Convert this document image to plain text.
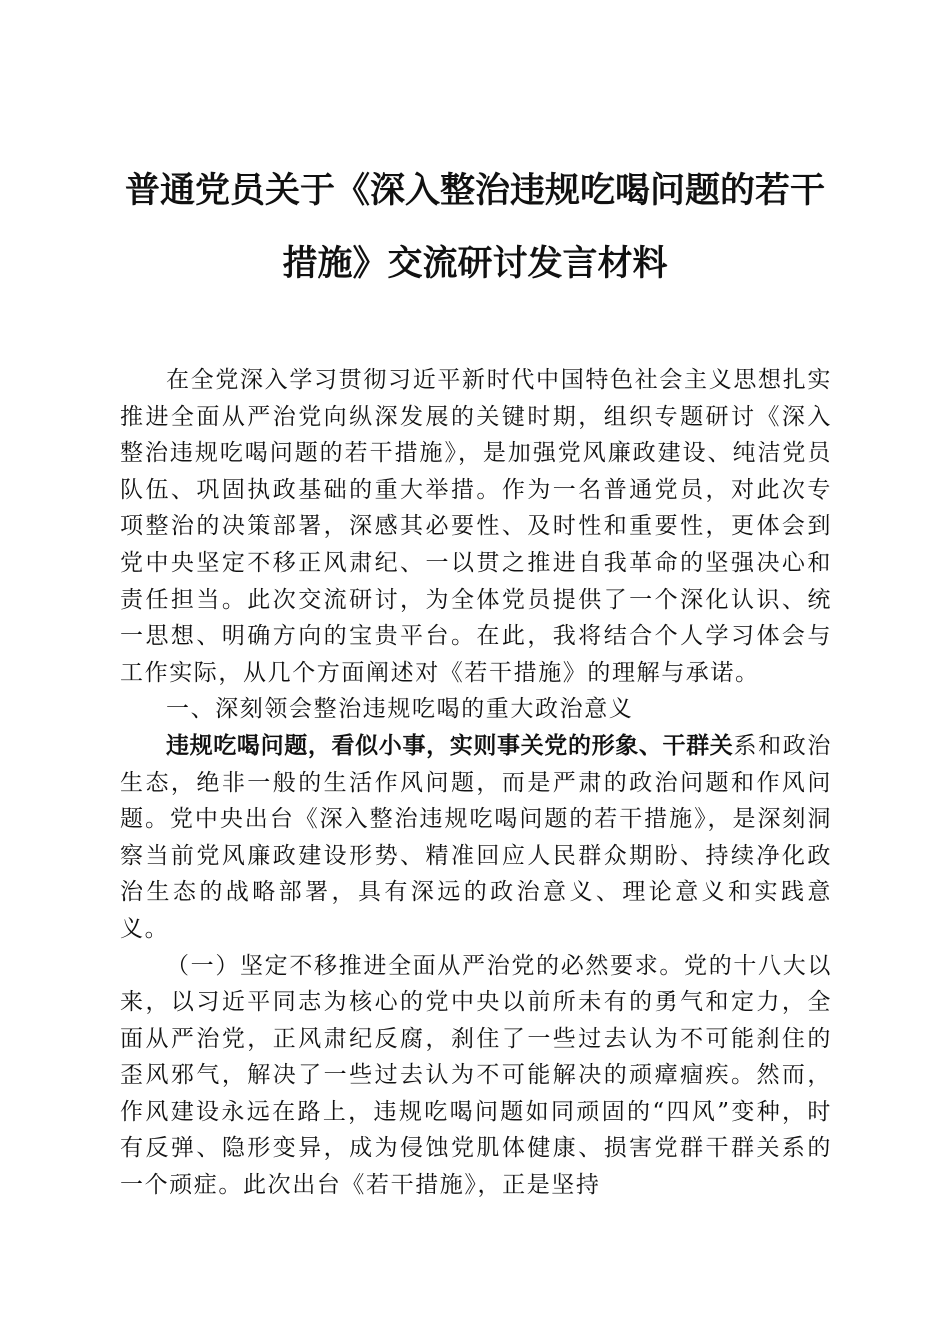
普通党员关于《深入整治违规吃喝问题的若干
措施》交流研讨发言材料

在全党深入学习贯彻习近平新时代中国特色社会主义思想扎实推进全面从严治党向纵深发展的关键时期，组织专题研讨《深入整治违规吃喝问题的若干措施》，是加强党风廉政建设、纯洁党员队伍、巩固执政基础的重大举措。作为一名普通党员，对此次专项整治的决策部署，深感其必要性、及时性和重要性，更体会到党中央坚定不移正风肃纪、一以贯之推进自我革命的坚强决心和责任担当。此次交流研讨，为全体党员提供了一个深化认识、统一思想、明确方向的宝贵平台。在此，我将结合个人学习体会与工作实际，从几个方面阐述对《若干措施》的理解与承诺。

一、深刻领会整治违规吃喝的重大政治意义

违规吃喝问题，看似小事，实则事关党的形象、干群关系和政治生态，绝非一般的生活作风问题，而是严肃的政治问题和作风问题。党中央出台《深入整治违规吃喝问题的若干措施》，是深刻洞察当前党风廉政建设形势、精准回应人民群众期盼、持续净化政治生态的战略部署，具有深远的政治意义、理论意义和实践意义。

（一）坚定不移推进全面从严治党的必然要求。党的十八大以来，以习近平同志为核心的党中央以前所未有的勇气和定力，全面从严治党，正风肃纪反腐，刹住了一些过去认为不可能刹住的歪风邪气，解决了一些过去认为不可能解决的顽瘴痼疾。然而，作风建设永远在路上，违规吃喝问题如同顽固的“四风”变种，时有反弹、隐形变异，成为侵蚀党肌体健康、损害党群干群关系的一个顽症。此次出台《若干措施》，正是坚持
